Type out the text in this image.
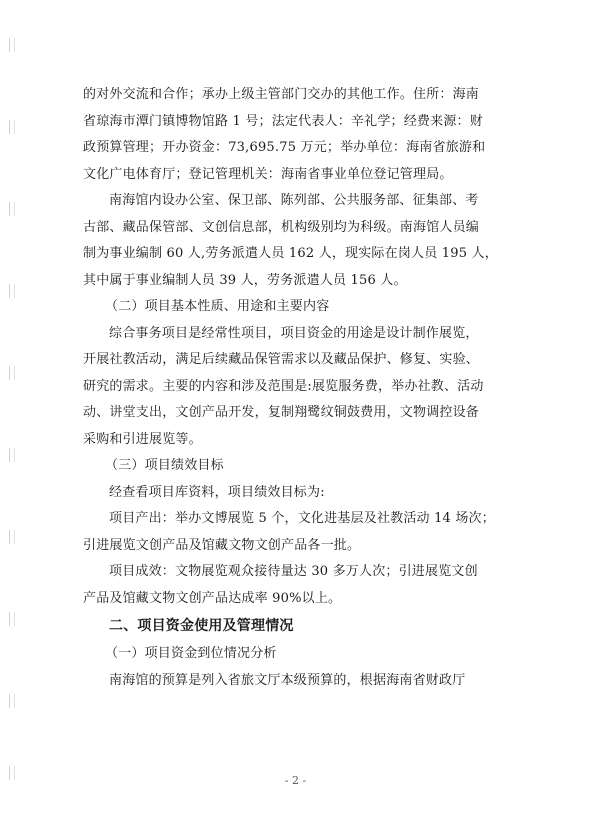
的对外交流和合作；承办上级主管部门交办的其他工作。住所：海南
省琼海市潭门镇博物馆路 1 号；法定代表人：辛礼学；经费来源：财
政预算管理；开办资金：73,695.75 万元；举办单位：海南省旅游和
文化广电体育厅；登记管理机关：海南省事业单位登记管理局。
南海馆内设办公室、保卫部、陈列部、公共服务部、征集部、考
古部、藏品保管部、文创信息部，机构级别均为科级。南海馆人员编
制为事业编制 60 人,劳务派遣人员 162 人，现实际在岗人员 195 人，
其中属于事业编制人员 39 人，劳务派遣人员 156 人。
（二）项目基本性质、用途和主要内容
综合事务项目是经常性项目，项目资金的用途是设计制作展览，
开展社教活动，满足后续藏品保管需求以及藏品保护、修复、实验、
研究的需求。主要的内容和涉及范围是:展览服务费，举办社教、活动
动、讲堂支出，文创产品开发，复制翔鹭纹铜鼓费用，文物调控设备
采购和引进展览等。
（三）项目绩效目标
经查看项目库资料，项目绩效目标为:
项目产出：举办文博展览 5 个，文化进基层及社教活动 14 场次；
引进展览文创产品及馆藏文物文创产品各一批。
项目成效：文物展览观众接待量达 30 多万人次；引进展览文创
产品及馆藏文物文创产品达成率 90%以上。
二、项目资金使用及管理情况
（一）项目资金到位情况分析
南海馆的预算是列入省旅文厅本级预算的，根据海南省财政厅
- 2 -
